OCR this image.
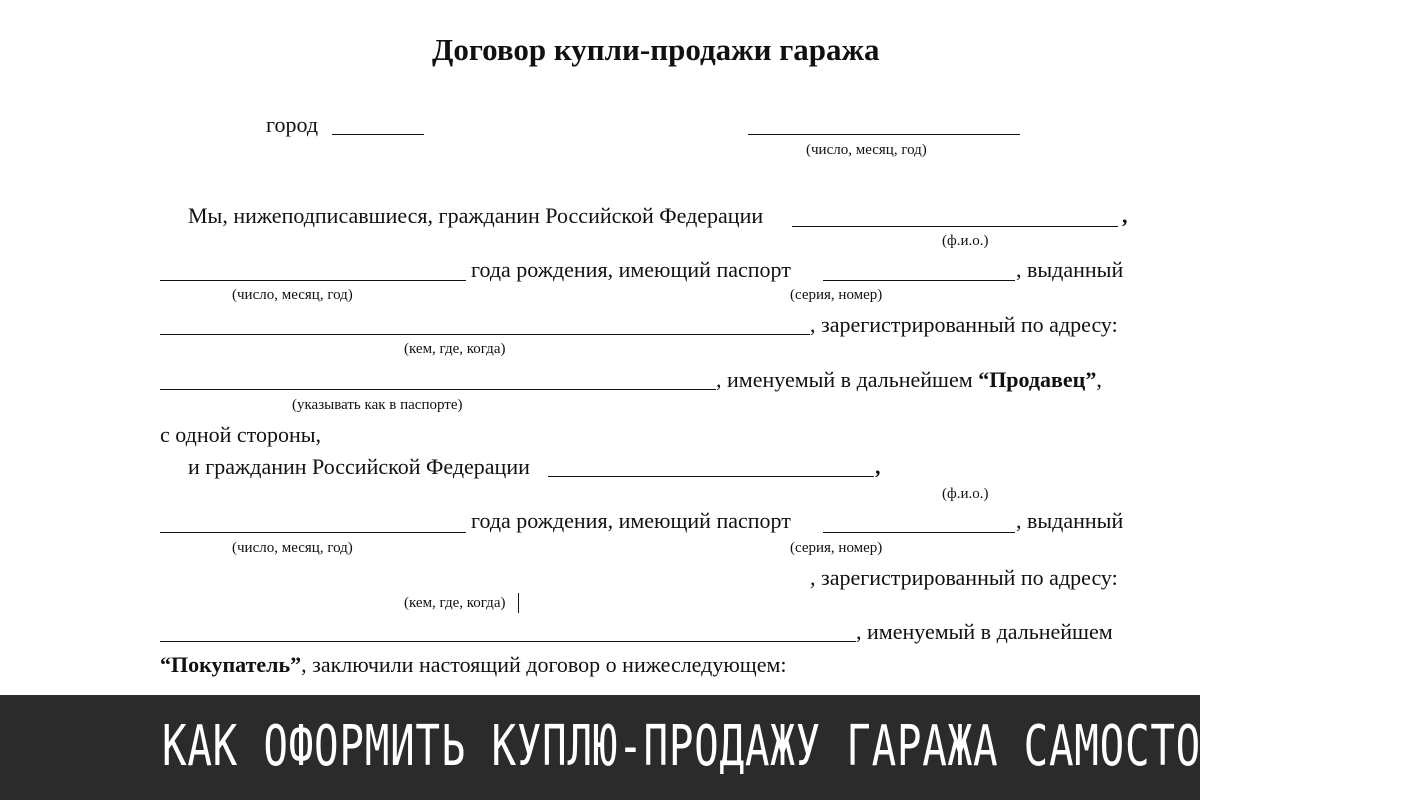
Договор купли-продажи гаража
город
(число, месяц, год)
Мы, нижеподписавшиеся, гражданин Российской Федерации	,
(ф.и.о.)
года рождения, имеющий паспорт	, выданный
(число, месяц, год)	(серия, номер)
, зарегистрированный по адресу:
(кем, где, когда)
, именуемый в дальнейшем “Продавец”,
(указывать как в паспорте)
с одной стороны,
и гражданин Российской Федерации	,
(ф.и.о.)
года рождения, имеющий паспорт	, выданный
(число, месяц, год)	(серия, номер)
, зарегистрированный по адресу:
(кем, где, когда)
, именуемый в дальнейшем
“Покупатель”, заключили настоящий договор о нижеследующем:
КАК ОФОРМИТЬ КУПЛЮ-ПРОДАЖУ ГАРАЖА САМОСТОЯТЕЛЬНО?
